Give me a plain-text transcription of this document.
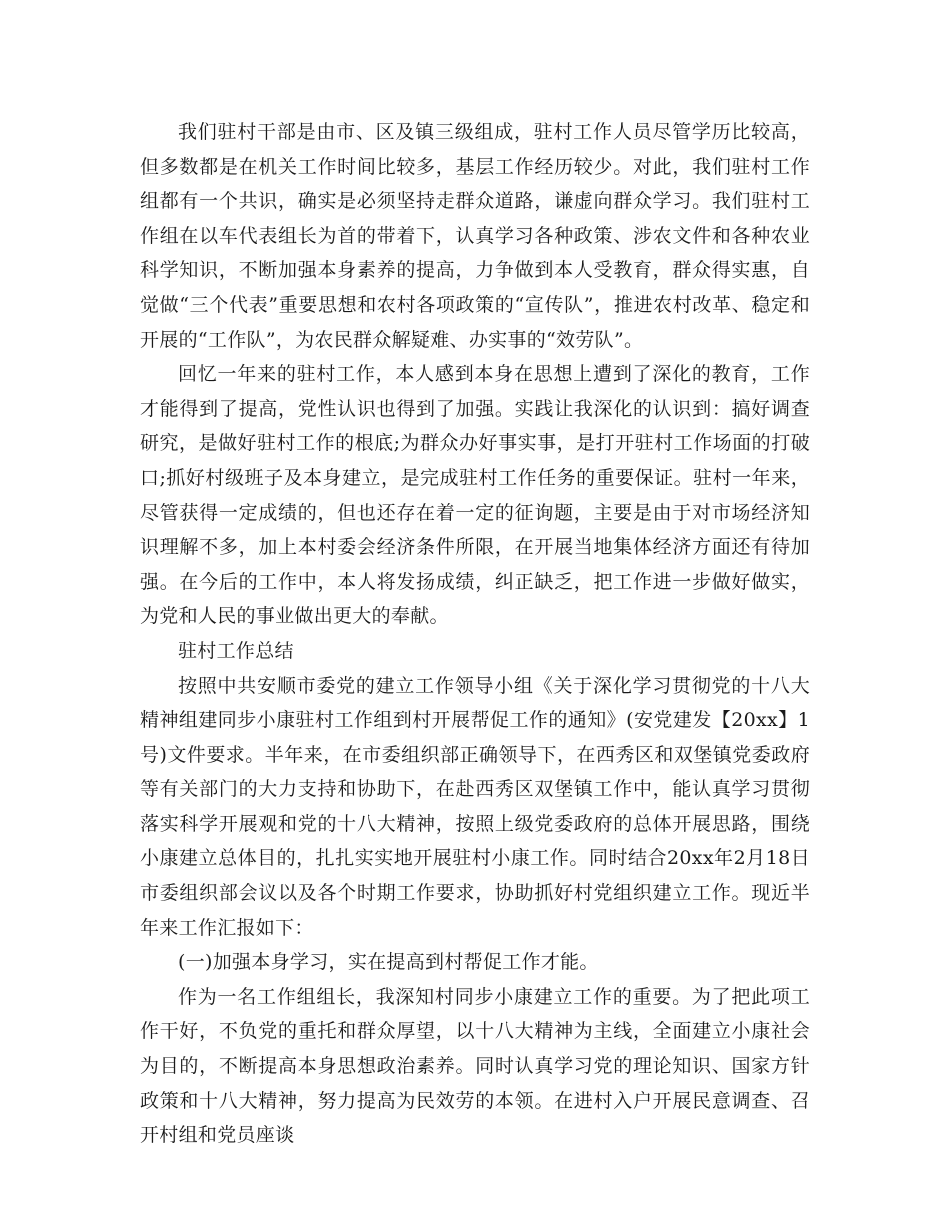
我们驻村干部是由市、区及镇三级组成，驻村工作人员尽管学历比较高，但多数都是在机关工作时间比较多，基层工作经历较少。对此，我们驻村工作组都有一个共识，确实是必须坚持走群众道路，谦虚向群众学习。我们驻村工作组在以车代表组长为首的带着下，认真学习各种政策、涉农文件和各种农业科学知识，不断加强本身素养的提高，力争做到本人受教育，群众得实惠，自觉做“三个代表”重要思想和农村各项政策的“宣传队”，推进农村改革、稳定和开展的“工作队”，为农民群众解疑难、办实事的“效劳队”。

回忆一年来的驻村工作，本人感到本身在思想上遭到了深化的教育，工作才能得到了提高，党性认识也得到了加强。实践让我深化的认识到：搞好调查研究，是做好驻村工作的根底;为群众办好事实事，是打开驻村工作场面的打破口;抓好村级班子及本身建立，是完成驻村工作任务的重要保证。驻村一年来，尽管获得一定成绩的，但也还存在着一定的征询题，主要是由于对市场经济知识理解不多，加上本村委会经济条件所限，在开展当地集体经济方面还有待加强。在今后的工作中，本人将发扬成绩，纠正缺乏，把工作进一步做好做实，为党和人民的事业做出更大的奉献。

驻村工作总结

按照中共安顺市委党的建立工作领导小组《关于深化学习贯彻党的十八大精神组建同步小康驻村工作组到村开展帮促工作的通知》(安党建发【20xx】1号)文件要求。半年来，在市委组织部正确领导下，在西秀区和双堡镇党委政府等有关部门的大力支持和协助下，在赴西秀区双堡镇工作中，能认真学习贯彻落实科学开展观和党的十八大精神，按照上级党委政府的总体开展思路，围绕小康建立总体目的，扎扎实实地开展驻村小康工作。同时结合20xx年2月18日市委组织部会议以及各个时期工作要求，协助抓好村党组织建立工作。现近半年来工作汇报如下：

(一)加强本身学习，实在提高到村帮促工作才能。

作为一名工作组组长，我深知村同步小康建立工作的重要。为了把此项工作干好，不负党的重托和群众厚望，以十八大精神为主线，全面建立小康社会为目的，不断提高本身思想政治素养。同时认真学习党的理论知识、国家方针政策和十八大精神，努力提高为民效劳的本领。在进村入户开展民意调查、召开村组和党员座谈
